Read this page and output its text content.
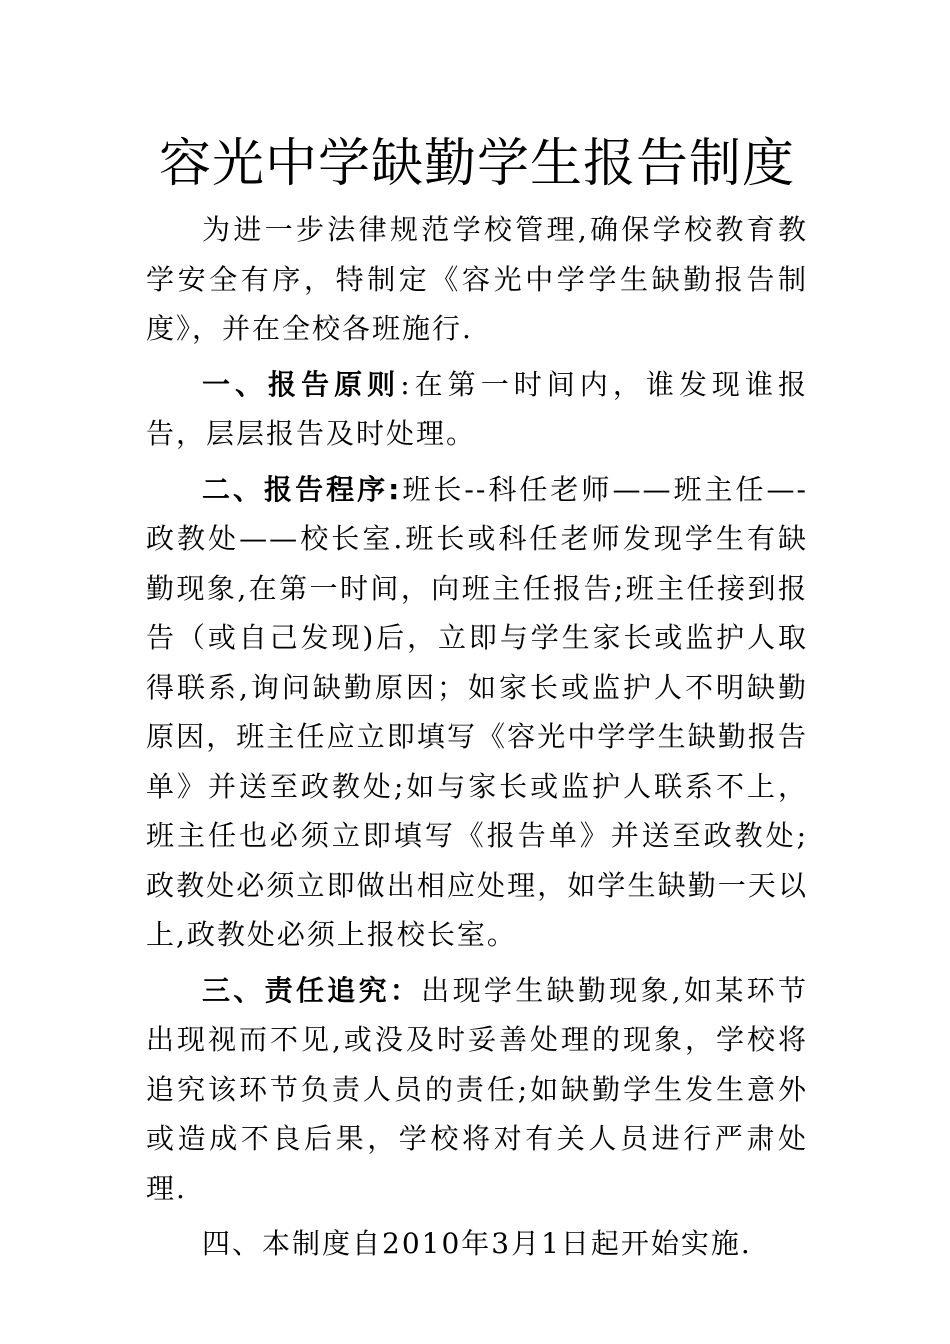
容光中学缺勤学生报告制度

为进一步法律规范学校管理,确保学校教育教学安全有序，特制定《容光中学学生缺勤报告制度》，并在全校各班施行.

一、报告原则:在第一时间内，谁发现谁报告，层层报告及时处理。

二、报告程序:班长--科任老师——班主任—-政教处——校长室.班长或科任老师发现学生有缺勤现象,在第一时间，向班主任报告;班主任接到报告（或自己发现)后，立即与学生家长或监护人取得联系,询问缺勤原因；如家长或监护人不明缺勤原因，班主任应立即填写《容光中学学生缺勤报告单》并送至政教处;如与家长或监护人联系不上，班主任也必须立即填写《报告单》并送至政教处;政教处必须立即做出相应处理，如学生缺勤一天以上,政教处必须上报校长室。

三、责任追究：出现学生缺勤现象,如某环节出现视而不见,或没及时妥善处理的现象，学校将追究该环节负责人员的责任;如缺勤学生发生意外或造成不良后果，学校将对有关人员进行严肃处理.

四、本制度自2010年3月1日起开始实施.
